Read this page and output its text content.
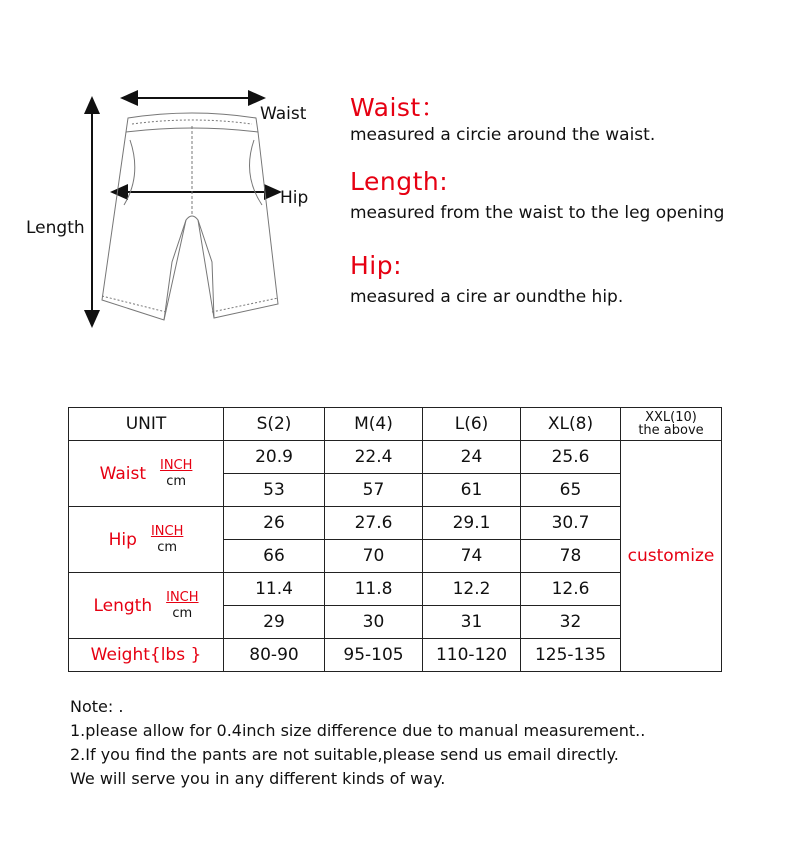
Waist
Hip
Length
Waist：
measured a circie around the waist.
Length:
measured from the waist to the leg opening
Hip:
measured a cire ar oundthe hip.
UNIT	S(2)	M(4)	L(6)	XL(8)	XXL(10)
the above

Waist INCH
cm	20.9	22.4	24	25.6	customize
	53	57	61	65	

Hip INCH
cm	26	27.6	29.1	30.7	
	66	70	74	78	

Length INCH
cm	11.4	11.8	12.2	12.6	
	29	30	31	32	
Weight{lbs }	80-90	95-105	110-120	125-135	
Note: .
1.please allow for 0.4inch size difference due to manual measurement..
2.If you find the pants are not suitable,please send us email directly.
We will serve you in any different kinds of way.
